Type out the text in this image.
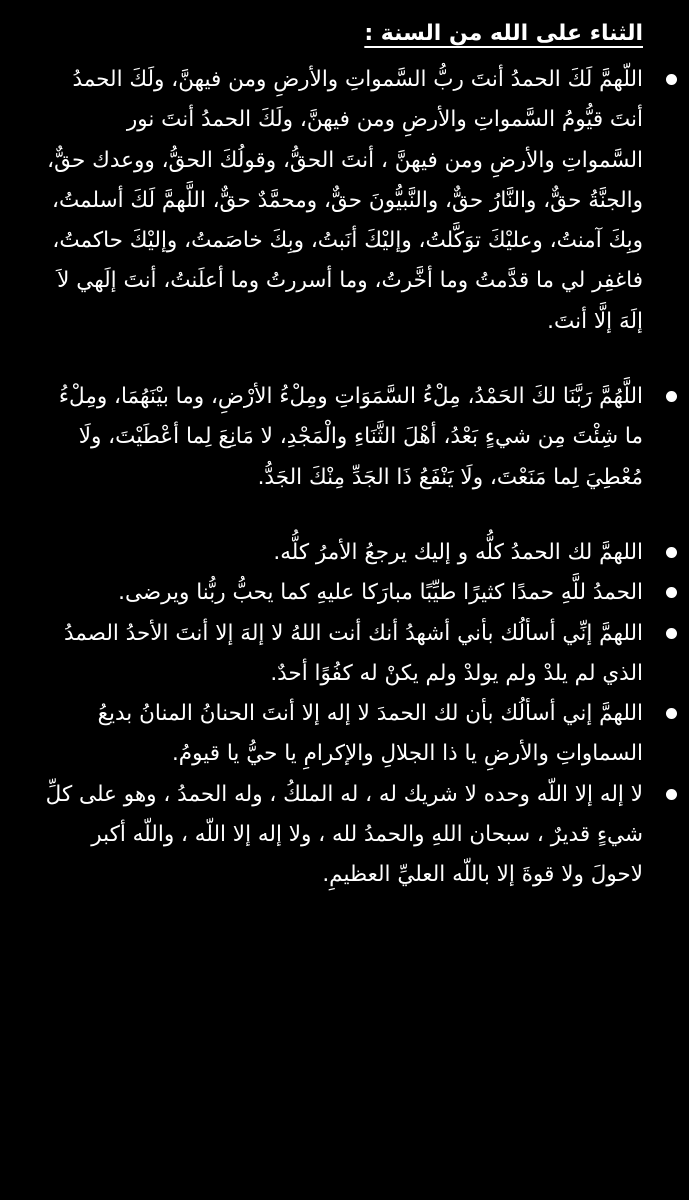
الثناء على الله من السنة :
اللّهمَّ لَكَ الحمدُ أنتَ ربُّ السَّمواتِ والأرضِ ومن فيهنَّ، ولَكَ الحمدُ أنتَ قيُّومُ السَّمواتِ والأرضِ ومن فيهنَّ، ولَكَ الحمدُ أنتَ نور السَّمواتِ والأرضِ ومن فيهنَّ ، أنتَ الحقُّ، وقولُكَ الحقُّ، ووعدك حقٌّ، والجنَّةُ حقٌّ، والنَّارُ حقٌّ، والنَّبيُّونَ حقٌّ، ومحمَّدٌ حقٌّ، اللَّهمَّ لَكَ أسلمتُ، وبِكَ آمنتُ، وعليْكَ توَكَّلتُ، وإليْكَ أنَبتُ، وبِكَ خاصَمتُ، وإليْكَ حاكمتُ، فاغفِر لي ما قدَّمتُ وما أخَّرتُ، وما أسررتُ وما أعلَنتُ، أنتَ إلَهي لاَ إلَهَ إلَّا أنتَ.
اللَّهُمَّ رَبَّنَا لكَ الحَمْدُ، مِلْءُ السَّمَوَاتِ ومِلْءُ الأرْضِ، وما بيْنَهُمَا، ومِلْءُ ما شِئْتَ مِن شيءٍ بَعْدُ، أهْلَ الثَّنَاءِ والْمَجْدِ، لا مَانِعَ لِما أعْطَيْتَ، ولَا مُعْطِيَ لِما مَنَعْتَ، ولَا يَنْفَعُ ذَا الجَدِّ مِنْكَ الجَدُّ.
اللهمَّ لك الحمدُ كلُّه و إليك يرجعُ الأمرُ كلُّه.
الحمدُ للَّهِ حمدًا كثيرًا طيِّبًا مبارَكا عليهِ كما يحبُّ ربُّنا ويرضى.
اللهمَّ إنِّي أسألُك بأني أشهدُ أنك أنت اللهُ لا إلهَ إلا أنتَ الأحدُ الصمدُ الذي لم يلدْ ولم يولدْ ولم يكنْ له كفُوًا أحدٌ.
اللهمَّ إني أسألُك بأن لك الحمدَ لا إله إلا أنتَ الحنانُ المنانُ بديعُ السماواتِ والأرضِ يا ذا الجلالِ والإكرامِ يا حيُّ يا قيومُ.
لا إله إلا اللّه وحده لا شريك له ، له الملكُ ، وله الحمدُ ، وهو على كلِّ شيءٍ قديرٌ ، سبحان اللهِ والحمدُ لله ، ولا إله إلا اللّه ، واللّه أكبر لاحولَ ولا قوةَ إلا باللّه العليِّ العظيمِ.
